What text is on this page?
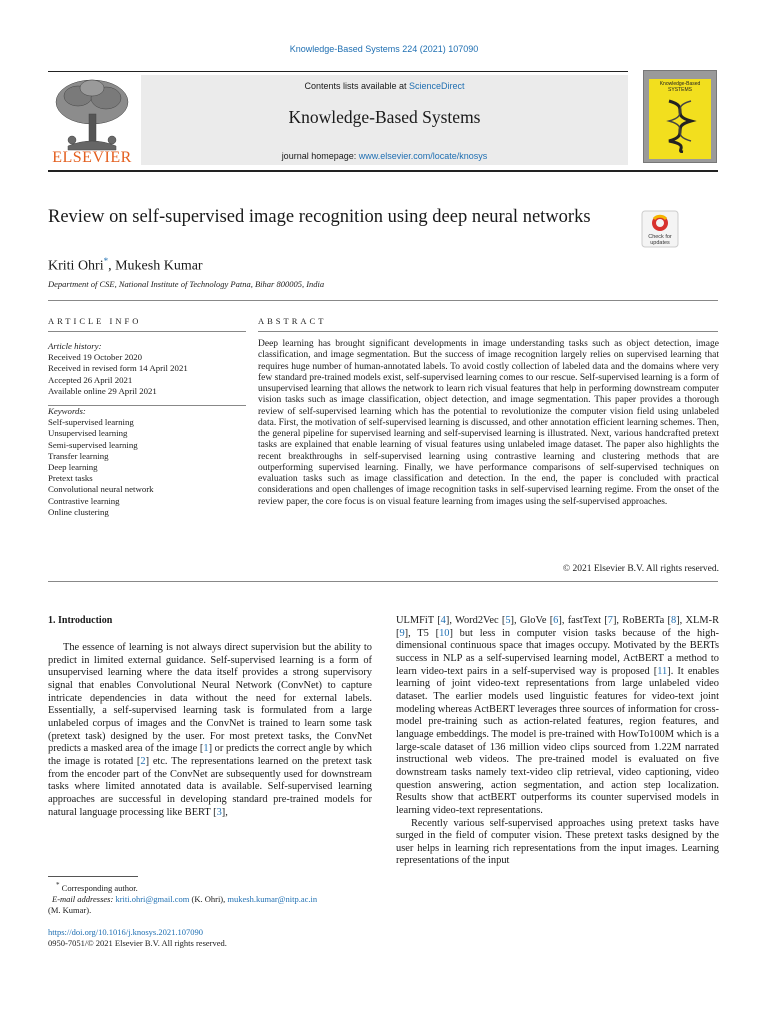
Knowledge-Based Systems 224 (2021) 107090
ELSEVIER
Contents lists available at ScienceDirect
Knowledge-Based Systems
journal homepage: www.elsevier.com/locate/knosys
Knowledge-Based SYSTEMS
Review on self-supervised image recognition using deep neural networks
Check for updates
Kriti Ohri*, Mukesh Kumar
Department of CSE, National Institute of Technology Patna, Bihar 800005, India
ARTICLE INFO	ABSTRACT
Article history:
Received 19 October 2020
Received in revised form 14 April 2021
Accepted 26 April 2021
Available online 29 April 2021
Keywords:
Self-supervised learning
Unsupervised learning
Semi-supervised learning
Transfer learning
Deep learning
Pretext tasks
Convolutional neural network
Contrastive learning
Online clustering

Deep learning has brought significant developments in image understanding tasks such as object detection, image classification, and image segmentation. But the success of image recognition largely relies on supervised learning that requires huge number of human-annotated labels. To avoid costly collection of labeled data and the domains where very few standard pre-trained models exist, self-supervised learning comes to our rescue. Self-supervised learning is a form of unsupervised learning that allows the network to learn rich visual features that help in performing downstream computer vision tasks such as image classification, object detection, and image segmentation. This paper provides a thorough review of self-supervised learning which has the potential to revolutionize the computer vision field using unlabeled data. First, the motivation of self-supervised learning is discussed, and other annotation efficient learning schemes. Then, the general pipeline for supervised learning and self-supervised learning is illustrated. Next, various handcrafted pretext tasks are explained that enable learning of visual features using unlabeled image dataset. The paper also highlights the recent breakthroughs in self-supervised learning using contrastive learning and clustering methods that are outperforming supervised learning. Finally, we have performance comparisons of self-supervised techniques on evaluation tasks such as image classification and detection. In the end, the paper is concluded with practical considerations and open challenges of image recognition tasks in self-supervised learning regime. From the onset of the review paper, the core focus is on visual feature learning from images using the self-supervised approaches.

© 2021 Elsevier B.V. All rights reserved.
1. Introduction

The essence of learning is not always direct supervision but the ability to predict in limited external guidance. Self-supervised learning is a form of unsupervised learning where the data itself provides a strong supervisory signal that enables Convolutional Neural Network (ConvNet) to capture intricate dependencies in data without the need for external labels. Essentially, a self-supervised learning task is formulated from a large unlabeled corpus of images and the ConvNet is trained to learn some task (pretext task) designed by the user. For most pretext tasks, the ConvNet predicts a masked area of the image [1] or predicts the correct angle by which the image is rotated [2] etc. The representations learned on the pretext task from the encoder part of the ConvNet are subsequently used for downstream tasks where limited annotated data is available. Self-supervised learning approaches are successful in developing standard pre-trained models for natural language processing like BERT [3],

ULMFiT [4], Word2Vec [5], GloVe [6], fastText [7], RoBERTa [8], XLM-R [9], T5 [10] but less in computer vision tasks because of the high-dimensional continuous space that images occupy. Motivated by the BERTs success in NLP as a self-supervised learning model, ActBERT a method to learn video-text pairs in a self-supervised way is proposed [11]. It enables learning of joint video-text representations from large unlabeled video dataset. The earlier models used linguistic features for video-text joint modeling whereas ActBERT leverages three sources of information for cross-model pre-training such as action-related features, region features, and language embeddings. The model is pre-trained with HowTo100M which is a large-scale dataset of 136 million video clips sourced from 1.22M narrated instructional web videos. The pre-trained model is evaluated on five downstream tasks namely text-video clip retrieval, video captioning, video question answering, action segmentation, and action step localization. Results show that actBERT outperforms its counter supervised models in learning video-text representations.

Recently various self-supervised approaches using pretext tasks have surged in the field of computer vision. These pretext tasks designed by the user helps in learning rich representations from the input images. Learning representations of the input

* Corresponding author.
E-mail addresses: kriti.ohri@gmail.com (K. Ohri), mukesh.kumar@nitp.ac.in
(M. Kumar).
https://doi.org/10.1016/j.knosys.2021.107090
0950-7051/© 2021 Elsevier B.V. All rights reserved.
